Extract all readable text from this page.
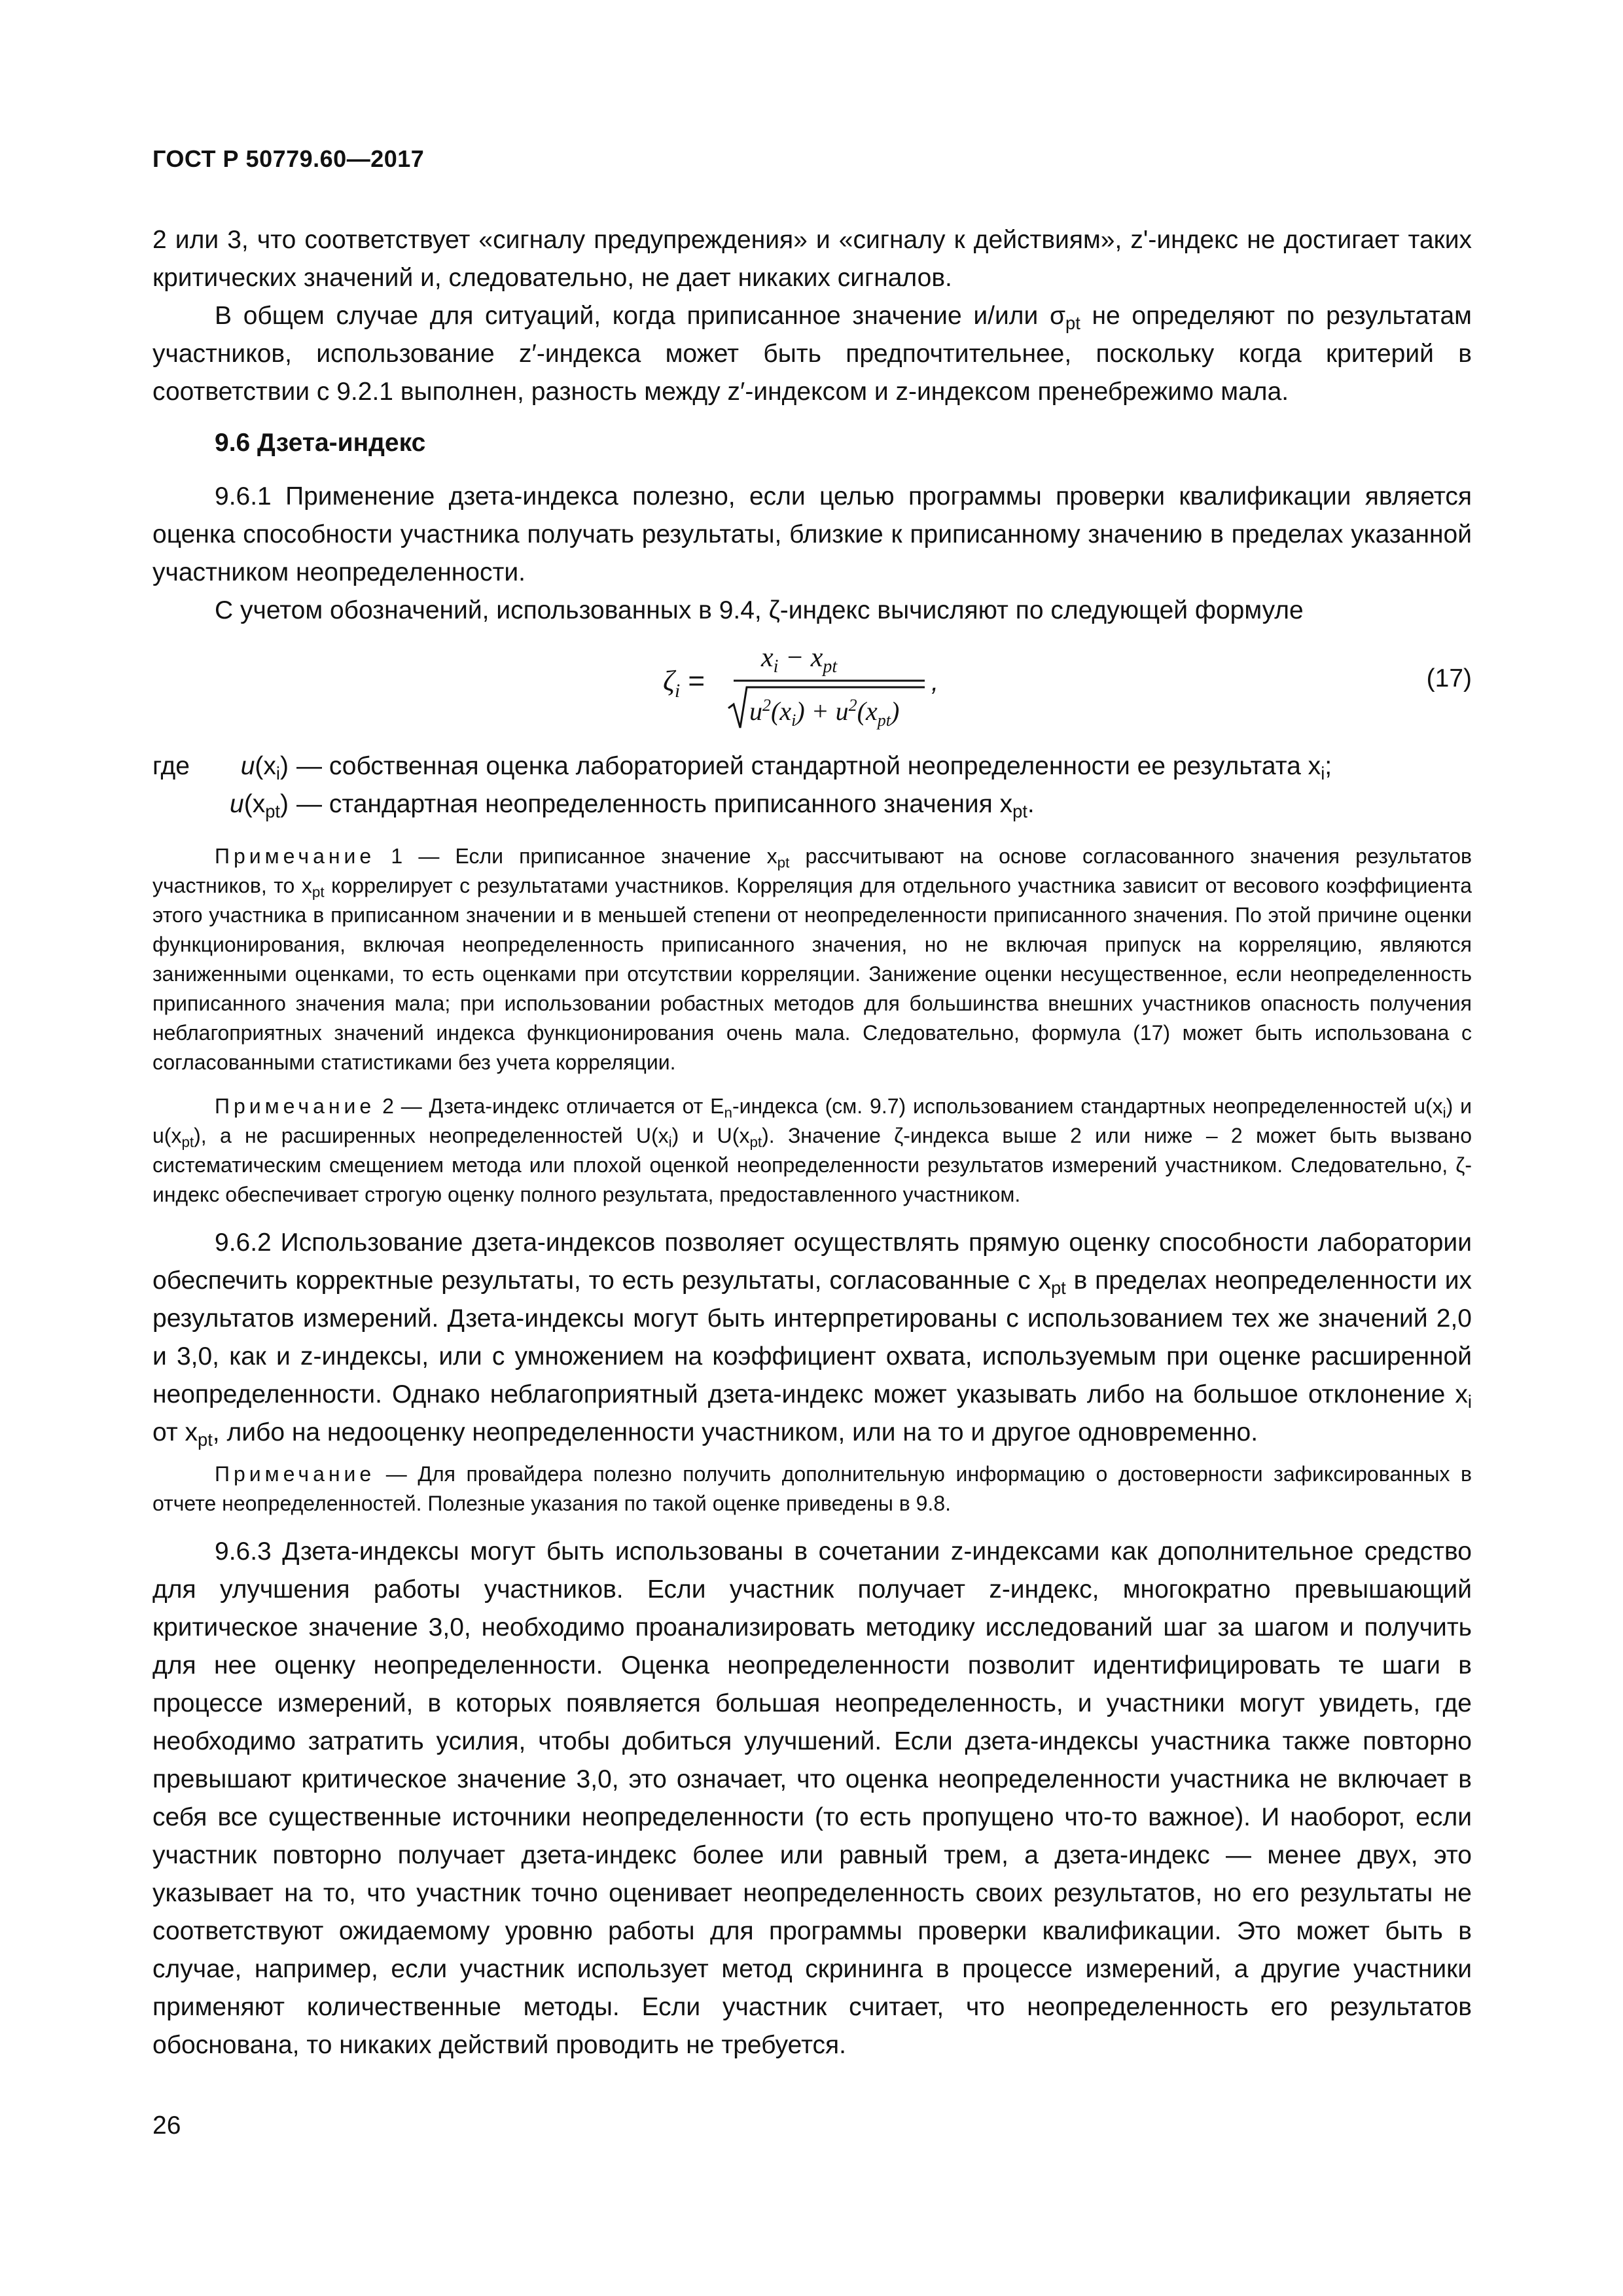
ГОСТ Р 50779.60—2017

2 или 3, что соответствует «сигналу предупреждения» и «сигналу к действиям», z'-индекс не достигает таких критических значений и, следовательно, не дает никаких сигналов.

В общем случае для ситуаций, когда приписанное значение и/или $\sigma_{pt}$ не определяют по результатам участников, использование z′-индекса может быть предпочтительнее, поскольку когда критерий в соответствии с 9.2.1 выполнен, разность между z′-индексом и z-индексом пренебрежимо мала.

9.6 Дзета-индекс

9.6.1 Применение дзета-индекса полезно, если целью программы проверки квалификации является оценка способности участника получать результаты, близкие к приписанному значению в пределах указанной участником неопределенности.

С учетом обозначений, использованных в 9.4, ζ-индекс вычисляют по следующей формуле

$\zeta_i$ =
$x_i - x_{pt}$
$u^2(x_i) + u^2(x_{pt})$
,	(17)
где $u(x_i)$ — собственная оценка лабораторией стандартной неопределенности ее результата $x_i$;
$u(x_{pt})$ — стандартная неопределенность приписанного значения $x_{pt}$.

Примечание 1 — Если приписанное значение $x_{pt}$ рассчитывают на основе согласованного значения результатов участников, то $x_{pt}$ коррелирует с результатами участников. Корреляция для отдельного участника зависит от весового коэффициента этого участника в приписанном значении и в меньшей степени от неопределенности приписанного значения. По этой причине оценки функционирования, включая неопределенность приписанного значения, но не включая припуск на корреляцию, являются заниженными оценками, то есть оценками при отсутствии корреляции. Занижение оценки несущественное, если неопределенность приписанного значения мала; при использовании робастных методов для большинства внешних участников опасность получения неблагоприятных значений индекса функционирования очень мала. Следовательно, формула (17) может быть использована с согласованными статистиками без учета корреляции.

Примечание 2 — Дзета-индекс отличается от $E_n$-индекса (см. 9.7) использованием стандартных неопределенностей $u(x_i)$ и $u(x_{pt})$, а не расширенных неопределенностей $U(x_i)$ и $U(x_{pt})$. Значение ζ-индекса выше 2 или ниже – 2 может быть вызвано систематическим смещением метода или плохой оценкой неопределенности результатов измерений участником. Следовательно, ζ-индекс обеспечивает строгую оценку полного результата, предоставленного участником.

9.6.2 Использование дзета-индексов позволяет осуществлять прямую оценку способности лаборатории обеспечить корректные результаты, то есть результаты, согласованные с $x_{pt}$ в пределах неопределенности их результатов измерений. Дзета-индексы могут быть интерпретированы с использованием тех же значений 2,0 и 3,0, как и z-индексы, или с умножением на коэффициент охвата, используемым при оценке расширенной неопределенности. Однако неблагоприятный дзета-индекс может указывать либо на большое отклонение $x_i$ от $x_{pt}$, либо на недооценку неопределенности участником, или на то и другое одновременно.

Примечание — Для провайдера полезно получить дополнительную информацию о достоверности зафиксированных в отчете неопределенностей. Полезные указания по такой оценке приведены в 9.8.

9.6.3 Дзета-индексы могут быть использованы в сочетании z-индексами как дополнительное средство для улучшения работы участников. Если участник получает z-индекс, многократно превышающий критическое значение 3,0, необходимо проанализировать методику исследований шаг за шагом и получить для нее оценку неопределенности. Оценка неопределенности позволит идентифицировать те шаги в процессе измерений, в которых появляется большая неопределенность, и участники могут увидеть, где необходимо затратить усилия, чтобы добиться улучшений. Если дзета-индексы участника также повторно превышают критическое значение 3,0, это означает, что оценка неопределенности участника не включает в себя все существенные источники неопределенности (то есть пропущено что-то важное). И наоборот, если участник повторно получает дзета-индекс более или равный трем, а дзета-индекс — менее двух, это указывает на то, что участник точно оценивает неопределенность своих результатов, но его результаты не соответствуют ожидаемому уровню работы для программы проверки квалификации. Это может быть в случае, например, если участник использует метод скрининга в процессе измерений, а другие участники применяют количественные методы. Если участник считает, что неопределенность его результатов обоснована, то никаких действий проводить не требуется.

26
